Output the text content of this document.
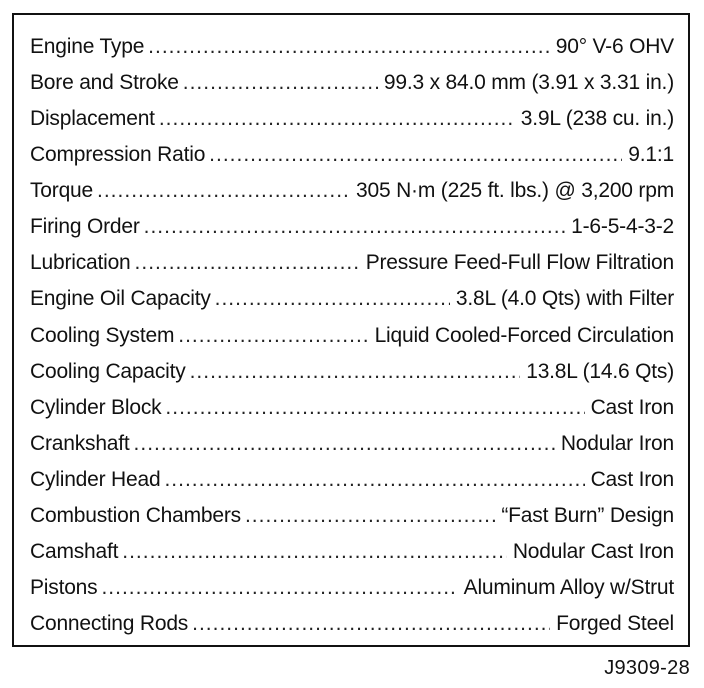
Engine Type .....	90° V-6 OHV
Bore and Stroke .....	99.3 x 84.0 mm (3.91 x 3.31 in.)
Displacement .....	3.9L (238 cu. in.)
Compression Ratio .....	9.1:1
Torque .....	305 N·m (225 ft. lbs.) @ 3,200 rpm
Firing Order .....	1-6-5-4-3-2
Lubrication .....	Pressure Feed-Full Flow Filtration
Engine Oil Capacity .....	3.8L (4.0 Qts) with Filter
Cooling System .....	Liquid Cooled-Forced Circulation
Cooling Capacity .....	13.8L (14.6 Qts)
Cylinder Block .....	Cast Iron
Crankshaft .....	Nodular Iron
Cylinder Head .....	Cast Iron
Combustion Chambers .....	“Fast Burn” Design
Camshaft .....	Nodular Cast Iron
Pistons .....	Aluminum Alloy w/Strut
Connecting Rods .....	Forged Steel
J9309-28
